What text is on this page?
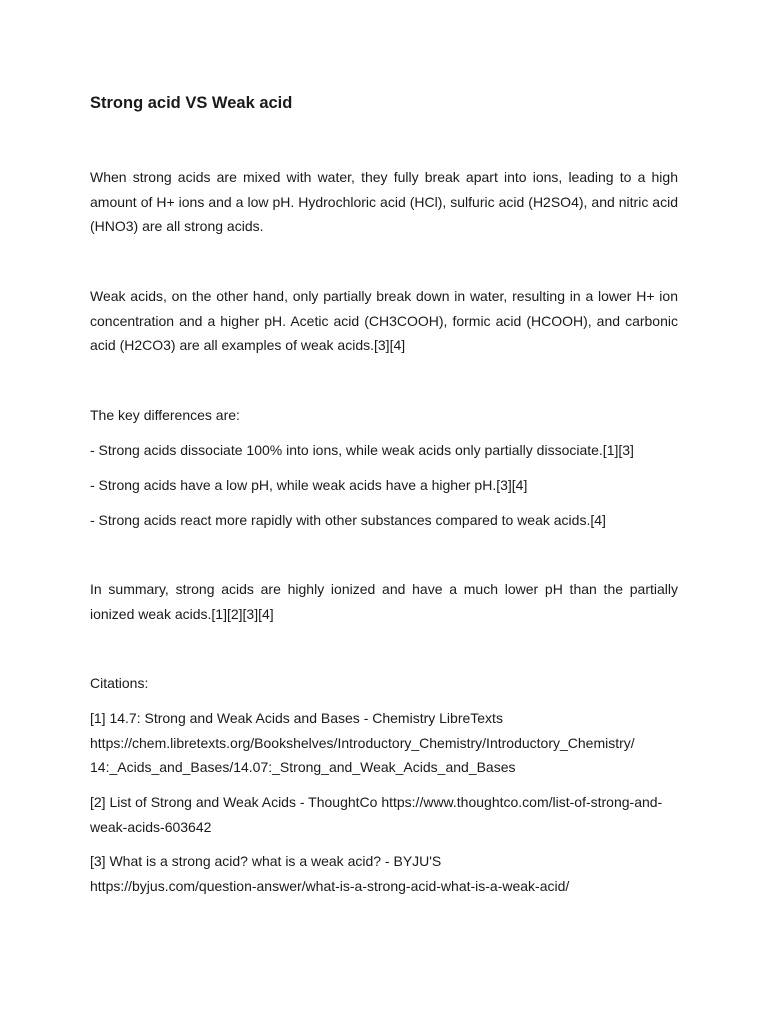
Strong acid VS Weak acid

When strong acids are mixed with water, they fully break apart into ions, leading to a high amount of H+ ions and a low pH. Hydrochloric acid (HCl), sulfuric acid (H2SO4), and nitric acid (HNO3) are all strong acids.

Weak acids, on the other hand, only partially break down in water, resulting in a lower H+ ion concentration and a higher pH. Acetic acid (CH3COOH), formic acid (HCOOH), and carbonic acid (H2CO3) are all examples of weak acids.[3][4]

The key differences are:

- Strong acids dissociate 100% into ions, while weak acids only partially dissociate.[1][3]

- Strong acids have a low pH, while weak acids have a higher pH.[3][4]

- Strong acids react more rapidly with other substances compared to weak acids.[4]

In summary, strong acids are highly ionized and have a much lower pH than the partially ionized weak acids.[1][2][3][4]

Citations:

[1] 14.7: Strong and Weak Acids and Bases - Chemistry LibreTexts

https://chem.libretexts.org/Bookshelves/Introductory_Chemistry/Introductory_Chemistry/

14:_Acids_and_Bases/14.07:_Strong_and_Weak_Acids_and_Bases

[2] List of Strong and Weak Acids - ThoughtCo https://www.thoughtco.com/list-of-strong-and-

weak-acids-603642

[3] What is a strong acid? what is a weak acid? - BYJU'S

https://byjus.com/question-answer/what-is-a-strong-acid-what-is-a-weak-acid/
